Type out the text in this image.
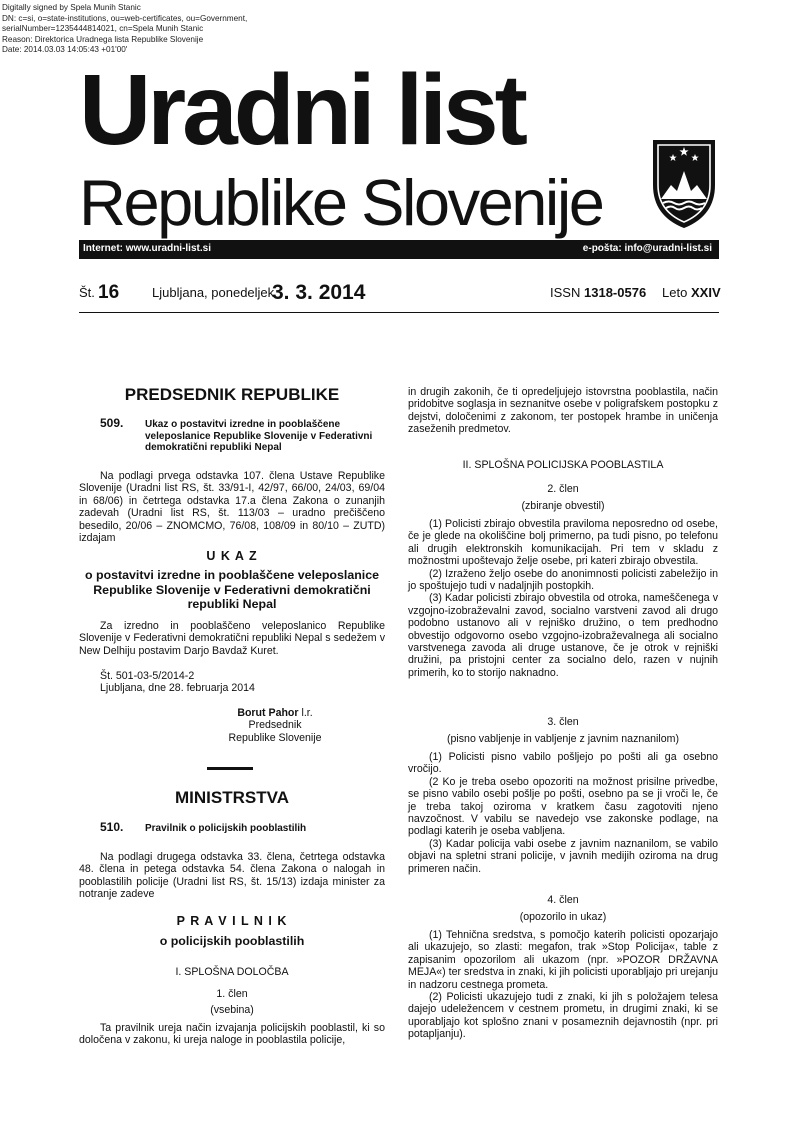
Digitally signed by Spela Munih Stanic
DN: c=si, o=state-institutions, ou=web-certificates, ou=Government,
serialNumber=1235444814021, cn=Spela Munih Stanic
Reason: Direktorica Uradnega lista Republike Slovenije
Date: 2014.03.03 14:05:43 +01'00'
Uradni list
Republike Slovenije
Internet: www.uradni-list.si	e-pošta: info@uradni-list.si
Št. 16	Ljubljana, ponedeljek
3. 3. 2014	ISSN 1318-0576 Leto XXIV
PREDSEDNIK REPUBLIKE
509. Ukaz o postavitvi izredne in pooblaščene veleposlanice Republike Slovenije v Federativni demokratični republiki Nepal

Na podlagi prvega odstavka 107. člena Ustave Republike Slovenije (Uradni list RS, št. 33/91-I, 42/97, 66/00, 24/03, 69/04 in 68/06) in četrtega odstavka 17.a člena Zakona o zunanjih zadevah (Uradni list RS, št. 113/03 – uradno prečiščeno besedilo, 20/06 – ZNOMCMO, 76/08, 108/09 in 80/10 – ZUTD) izdajam

U K A Z
o postavitvi izredne in pooblaščene veleposlanice Republike Slovenije v Federativni demokratični republiki Nepal

Za izredno in pooblaščeno veleposlanico Republike Slovenije v Federativni demokratični republiki Nepal s sedežem v New Delhiju postavim Darjo Bavdaž Kuret.

Št. 501-03-5/2014-2

Ljubljana, dne 28. februarja 2014

Borut Pahor l.r.

Predsednik

Republike Slovenije

MINISTRSTVA
510. Pravilnik o policijskih pooblastilih

Na podlagi drugega odstavka 33. člena, četrtega odstavka 48. člena in petega odstavka 54. člena Zakona o nalogah in pooblastilih policije (Uradni list RS, št. 15/13) izdaja minister za notranje zadeve

P R A V I L N I K
o policijskih pooblastilih
I. SPLOŠNA DOLOČBA
1. člen
(vsebina)

Ta pravilnik ureja način izvajanja policijskih pooblastil, ki so določena v zakonu, ki ureja naloge in pooblastila policije,

in drugih zakonih, če ti opredeljujejo istovrstna pooblastila, način pridobitve soglasja in seznanitve osebe v poligrafskem postopku z dejstvi, določenimi z zakonom, ter postopek hrambe in uničenja zaseženih predmetov.

II. SPLOŠNA POLICIJSKA POOBLASTILA
2. člen
(zbiranje obvestil)

(1) Policisti zbirajo obvestila praviloma neposredno od osebe, če je glede na okoliščine bolj primerno, pa tudi pisno, po telefonu ali drugih elektronskih komunikacijah. Pri tem v skladu z možnostmi upoštevajo želje osebe, pri kateri zbirajo obvestila.

(2) Izraženo željo osebe do anonimnosti policisti zabeležijo in jo spoštujejo tudi v nadaljnjih postopkih.

(3) Kadar policisti zbirajo obvestila od otroka, nameščenega v vzgojno-izobraževalni zavod, socialno varstveni zavod ali drugo podobno ustanovo ali v rejniško družino, o tem predhodno obvestijo odgovorno osebo vzgojno-izobraževalnega ali socialno varstvenega zavoda ali druge ustanove, če je otrok v rejniški družini, pa pristojni center za socialno delo, razen v nujnih primerih, ko to storijo naknadno.

3. člen
(pisno vabljenje in vabljenje z javnim naznanilom)

(1) Policisti pisno vabilo pošljejo po pošti ali ga osebno vročijo.

(2 Ko je treba osebo opozoriti na možnost prisilne privedbe, se pisno vabilo osebi pošlje po pošti, osebno pa se ji vroči le, če je treba takoj oziroma v kratkem času zagotoviti njeno navzočnost. V vabilu se navedejo vse zakonske podlage, na podlagi katerih je oseba vabljena.

(3) Kadar policija vabi osebe z javnim naznanilom, se vabilo objavi na spletni strani policije, v javnih medijih oziroma na drug primeren način.

4. člen
(opozorilo in ukaz)

(1) Tehnična sredstva, s pomočjo katerih policisti opozarjajo ali ukazujejo, so zlasti: megafon, trak »Stop Policija«, table z zapisanim opozorilom ali ukazom (npr. »POZOR DRŽAVNA MEJA«) ter sredstva in znaki, ki jih policisti uporabljajo pri urejanju in nadzoru cestnega prometa.

(2) Policisti ukazujejo tudi z znaki, ki jih s položajem telesa dajejo udeležencem v cestnem prometu, in drugimi znaki, ki se uporabljajo kot splošno znani v posameznih dejavnostih (npr. pri potapljanju).
